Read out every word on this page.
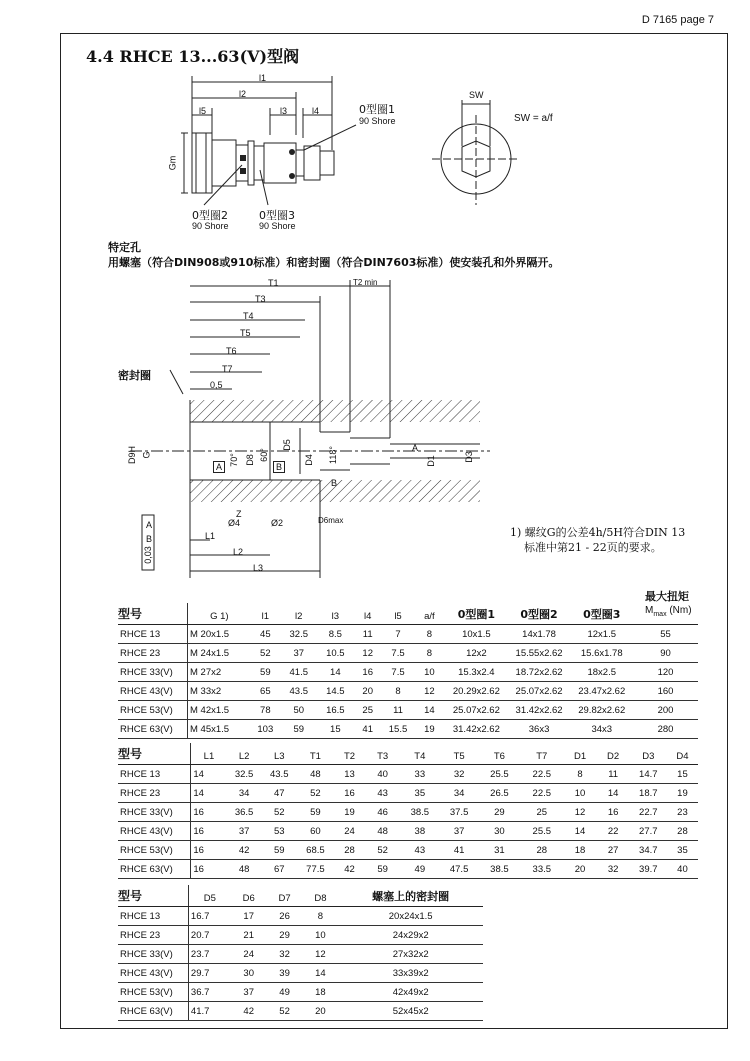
D 7165 page 7
4.4 RHCE 13...63(V)型阀
l1
l2
l3	l4
l5
Gm
0型圈1
90 Shore
0型圈2
90 Shore
0型圈3
90 Shore
SW
SW = a/f
特定孔
用螺塞（符合DIN908或910标准）和密封圈（符合DIN7603标准）使安装孔和外界隔开。
T1	T2 min
T3
T4
T5
T6
T7
0,5
密封圈
D9H G	D8 60°
70°
D5
D4 118°	D1	D3
A
B
A
Z
Ø4	Ø2	D6max
L1
L2
L3
0,03
A
B
B
1) 螺纹G的公差4h/5H符合DIN 13
标准中第21 - 22页的要求。
最大扭矩
$M_{max}$ (Nm)
型号	G 1)	l1	l2	l3	l4	l5	a/f	0型圈1	0型圈2	0型圈3	
RHCE 13	M 20x1.5	45	32.5	8.5	11	7	8	10x1.5	14x1.78	12x1.5	55
RHCE 23	M 24x1.5	52	37	10.5	12	7.5	8	12x2	15.55x2.62	15.6x1.78	90
RHCE 33(V)	M 27x2	59	41.5	14	16	7.5	10	15.3x2.4	18.72x2.62	18x2.5	120
RHCE 43(V)	M 33x2	65	43.5	14.5	20	8	12	20.29x2.62	25.07x2.62	23.47x2.62	160
RHCE 53(V)	M 42x1.5	78	50	16.5	25	11	14	25.07x2.62	31.42x2.62	29.82x2.62	200
RHCE 63(V)	M 45x1.5	103	59	15	41	15.5	19	31.42x2.62	36x3	34x3	280
型号	L1	L2	L3	T1	T2	T3	T4	T5	T6	T7	D1	D2	D3	D4
RHCE 13	14	32.5	43.5	48	13	40	33	32	25.5	22.5	8	11	14.7	15
RHCE 23	14	34	47	52	16	43	35	34	26.5	22.5	10	14	18.7	19
RHCE 33(V)	16	36.5	52	59	19	46	38.5	37.5	29	25	12	16	22.7	23
RHCE 43(V)	16	37	53	60	24	48	38	37	30	25.5	14	22	27.7	28
RHCE 53(V)	16	42	59	68.5	28	52	43	41	31	28	18	27	34.7	35
RHCE 63(V)	16	48	67	77.5	42	59	49	47.5	38.5	33.5	20	32	39.7	40
型号	D5	D6	D7	D8	螺塞上的密封圈
RHCE 13	16.7	17	26	8	20x24x1.5
RHCE 23	20.7	21	29	10	24x29x2
RHCE 33(V)	23.7	24	32	12	27x32x2
RHCE 43(V)	29.7	30	39	14	33x39x2
RHCE 53(V)	36.7	37	49	18	42x49x2
RHCE 63(V)	41.7	42	52	20	52x45x2
